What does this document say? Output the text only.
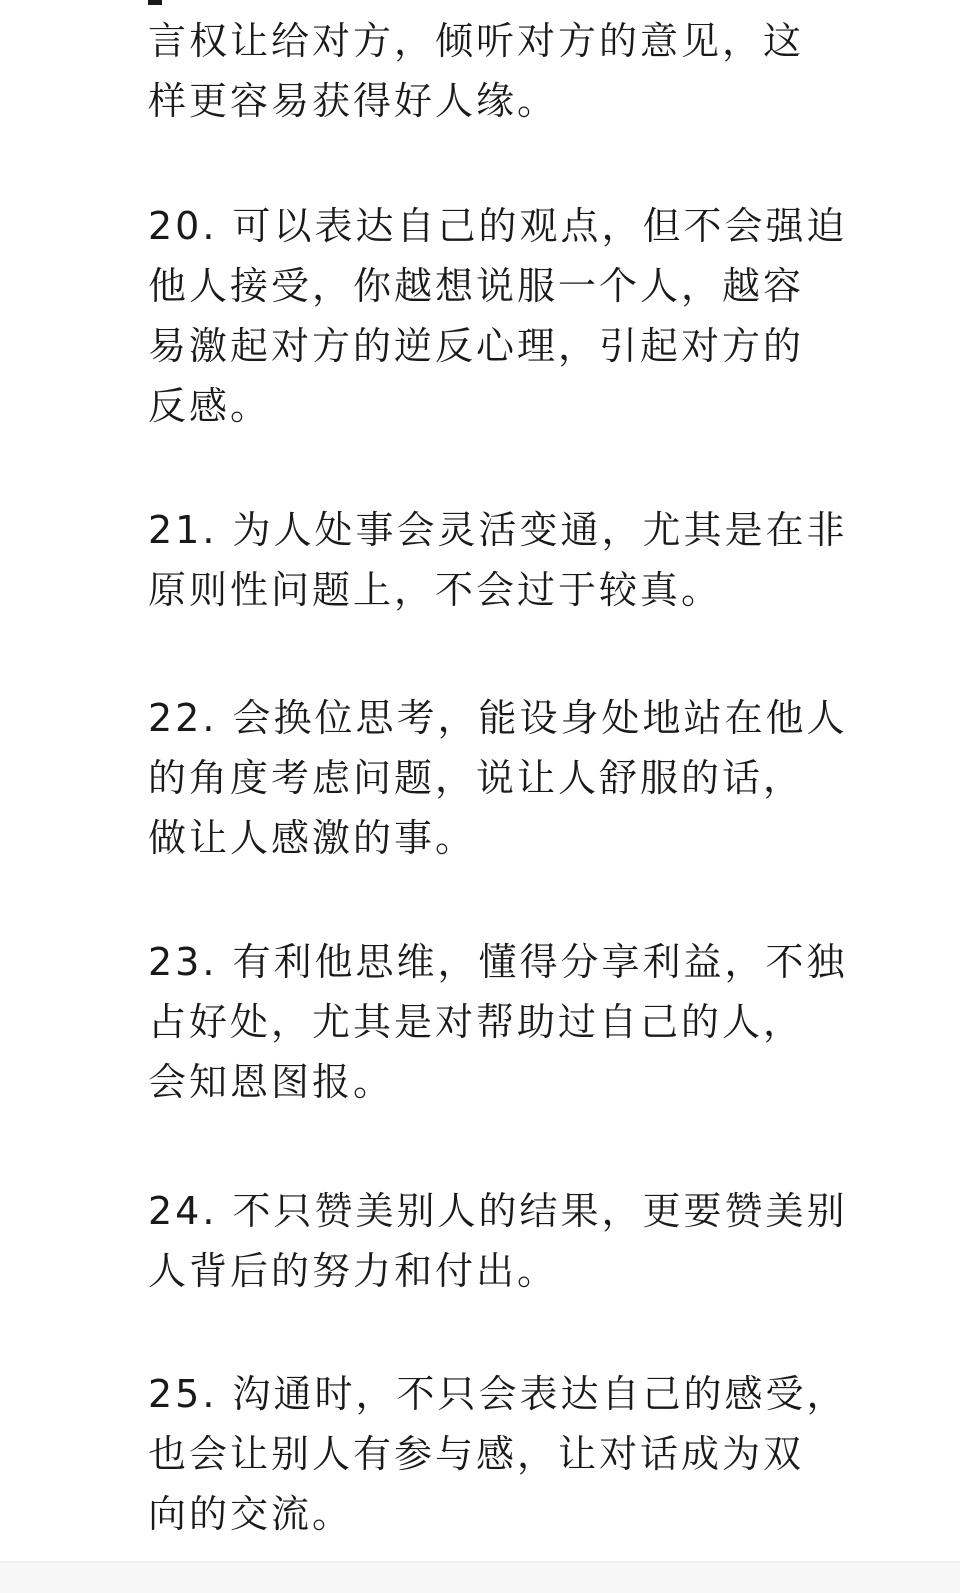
言权让给对方，倾听对方的意见，这
样更容易获得好人缘。
20. 可以表达自己的观点，但不会强迫
他人接受，你越想说服一个人，越容
易激起对方的逆反心理，引起对方的
反感。
21. 为人处事会灵活变通，尤其是在非
原则性问题上，不会过于较真。
22. 会换位思考，能设身处地站在他人
的角度考虑问题，说让人舒服的话，
做让人感激的事。
23. 有利他思维，懂得分享利益，不独
占好处，尤其是对帮助过自己的人，
会知恩图报。
24. 不只赞美别人的结果，更要赞美别
人背后的努力和付出。
25. 沟通时，不只会表达自己的感受，
也会让别人有参与感，让对话成为双
向的交流。
